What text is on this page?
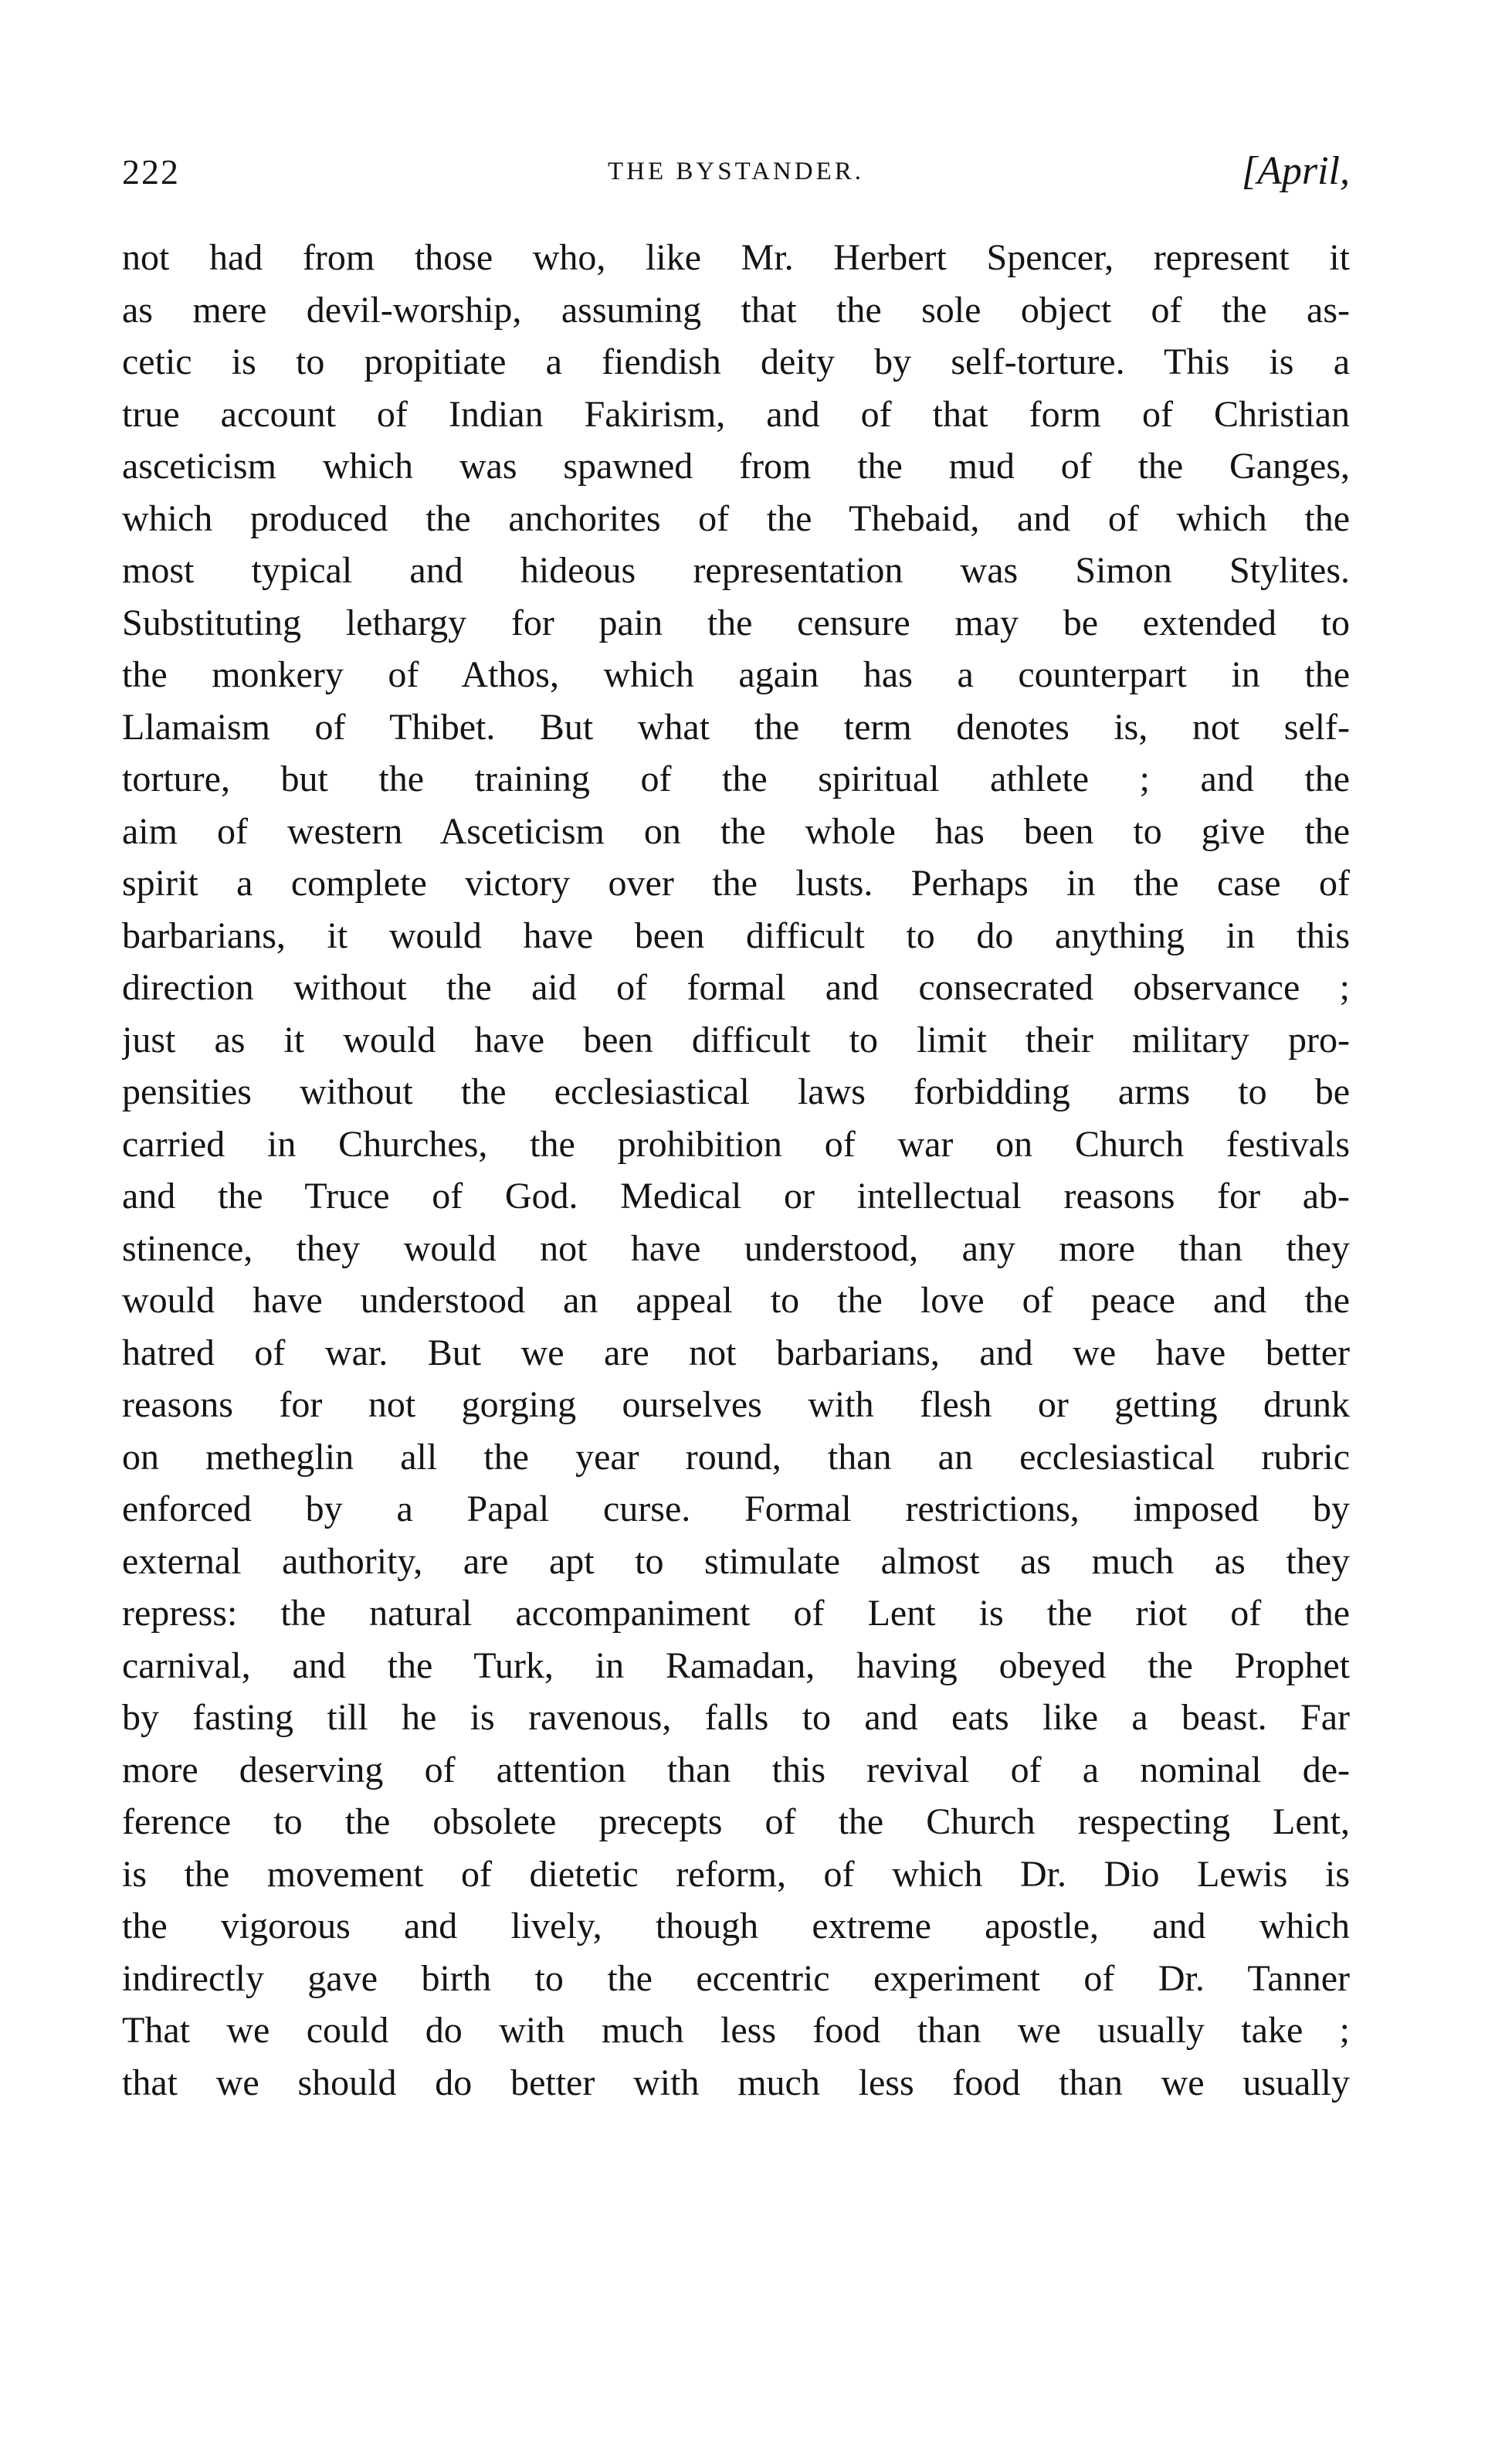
222	THE BYSTANDER.	[April,
not had from those who, like Mr. Herbert Spencer, represent it
as mere devil-worship, assuming that the sole object of the as-
cetic is to propitiate a fiendish deity by self-torture. This is a
true account of Indian Fakirism, and of that form of Christian
asceticism which was spawned from the mud of the Ganges,
which produced the anchorites of the Thebaid, and of which the
most typical and hideous representation was Simon Stylites.
Substituting lethargy for pain the censure may be extended to
the monkery of Athos, which again has a counterpart in the
Llamaism of Thibet. But what the term denotes is, not self-
torture, but the training of the spiritual athlete ; and the
aim of western Asceticism on the whole has been to give the
spirit a complete victory over the lusts. Perhaps in the case of
barbarians, it would have been difficult to do anything in this
direction without the aid of formal and consecrated observance ;
just as it would have been difficult to limit their military pro-
pensities without the ecclesiastical laws forbidding arms to be
carried in Churches, the prohibition of war on Church festivals
and the Truce of God. Medical or intellectual reasons for ab-
stinence, they would not have understood, any more than they
would have understood an appeal to the love of peace and the
hatred of war. But we are not barbarians, and we have better
reasons for not gorging ourselves with flesh or getting drunk
on metheglin all the year round, than an ecclesiastical rubric
enforced by a Papal curse. Formal restrictions, imposed by
external authority, are apt to stimulate almost as much as they
repress: the natural accompaniment of Lent is the riot of the
carnival, and the Turk, in Ramadan, having obeyed the Prophet
by fasting till he is ravenous, falls to and eats like a beast. Far
more deserving of attention than this revival of a nominal de-
ference to the obsolete precepts of the Church respecting Lent,
is the movement of dietetic reform, of which Dr. Dio Lewis is
the vigorous and lively, though extreme apostle, and which
indirectly gave birth to the eccentric experiment of Dr. Tanner
That we could do with much less food than we usually take ;
that we should do better with much less food than we usually
